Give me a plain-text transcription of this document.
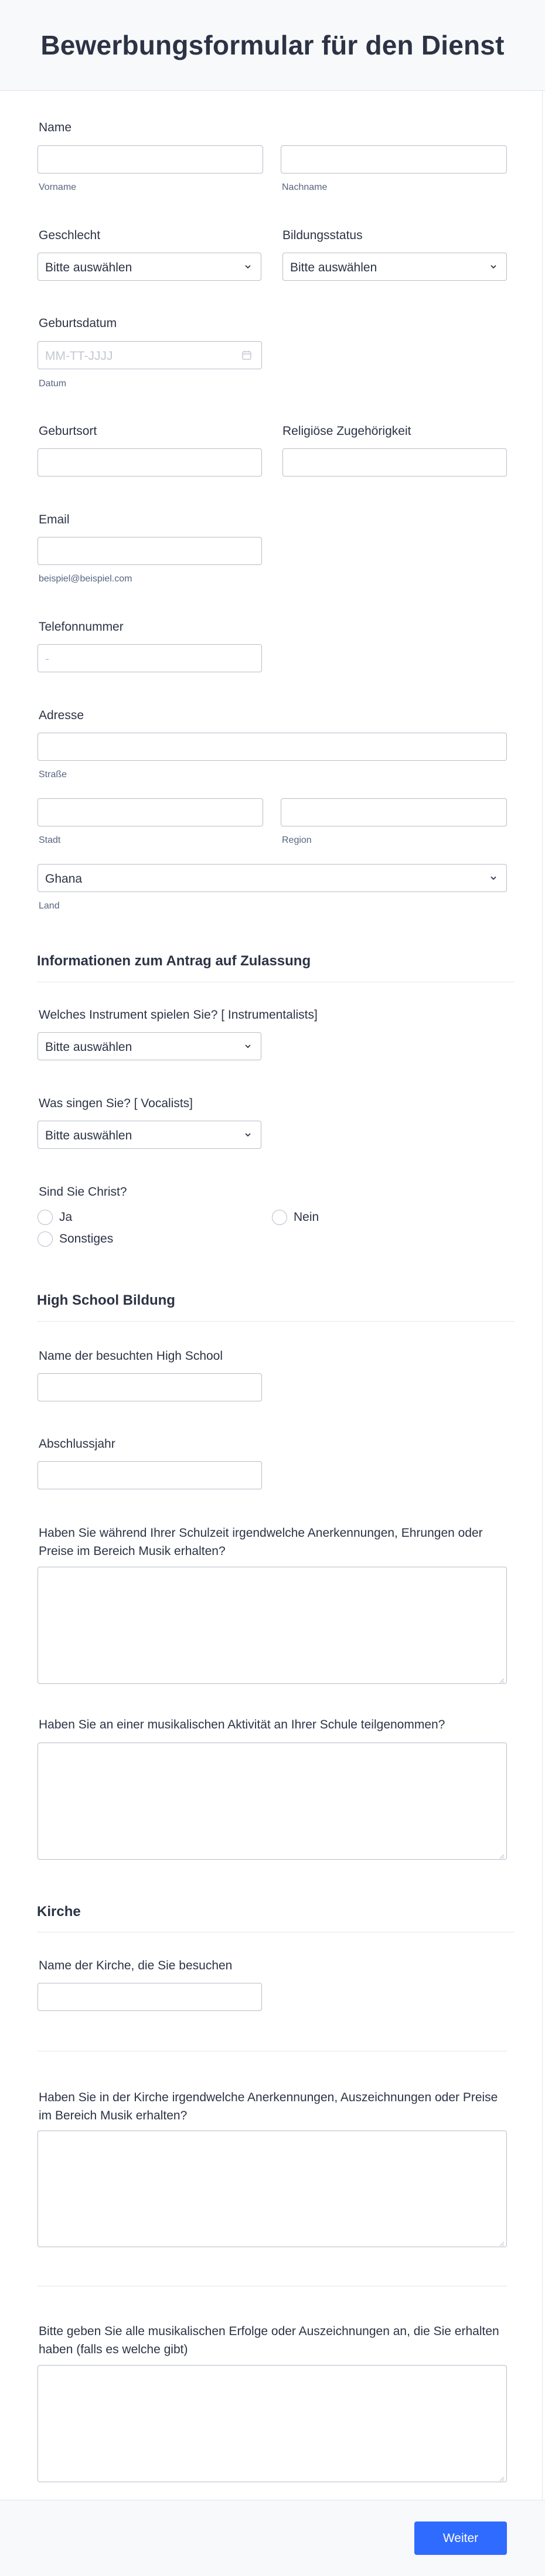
Bewerbungsformular für den Dienst
Name
Vorname	Nachname
Geschlecht	Bildungsstatus
Bitte auswählen	Bitte auswählen
Geburtsdatum
MM-TT-JJJJ
Datum
Geburtsort	Religiöse Zugehörigkeit
Email
beispiel@beispiel.com
Telefonnummer
-
Adresse
Straße
Stadt	Region
Ghana
Land
Informationen zum Antrag auf Zulassung
Welches Instrument spielen Sie? [ Instrumentalists]
Bitte auswählen
Was singen Sie? [ Vocalists]
Bitte auswählen
Sind Sie Christ?
Ja	Nein
Sonstiges
High School Bildung
Name der besuchten High School
Abschlussjahr
Haben Sie während Ihrer Schulzeit irgendwelche Anerkennungen, Ehrungen oder
Preise im Bereich Musik erhalten?
Haben Sie an einer musikalischen Aktivität an Ihrer Schule teilgenommen?
Kirche
Name der Kirche, die Sie besuchen
Haben Sie in der Kirche irgendwelche Anerkennungen, Auszeichnungen oder Preise
im Bereich Musik erhalten?
Bitte geben Sie alle musikalischen Erfolge oder Auszeichnungen an, die Sie erhalten
haben (falls es welche gibt)
Weiter
